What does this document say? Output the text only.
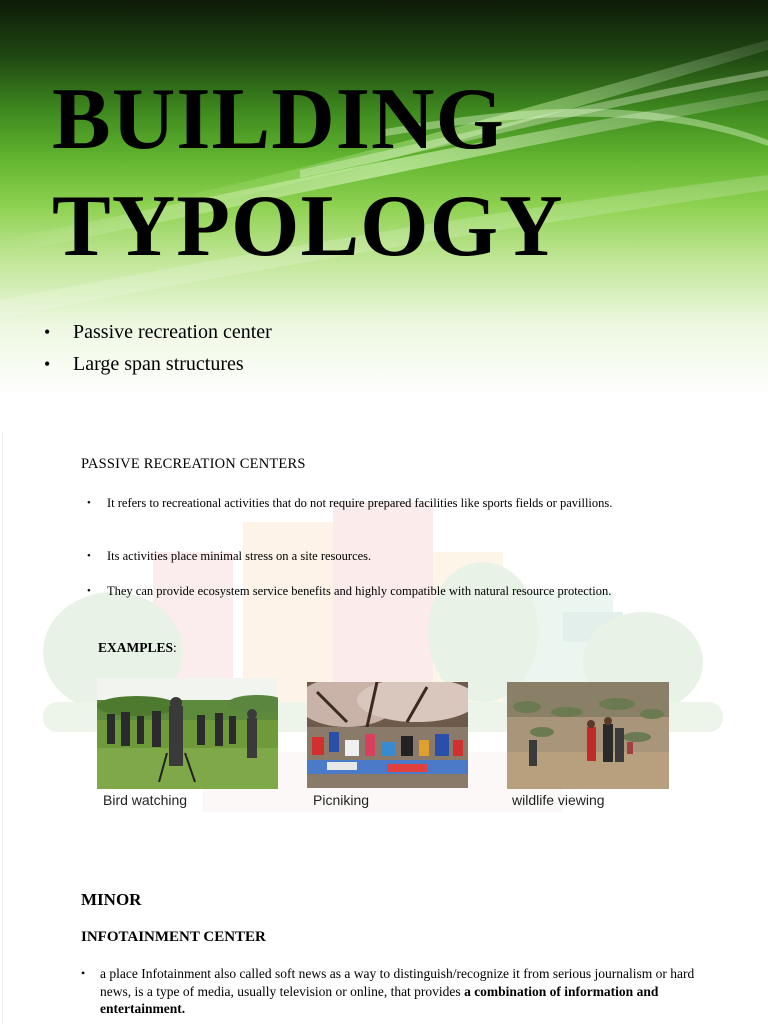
BUILDING
TYPOLOGY
•	Passive recreation center
•	Large span structures
PASSIVE RECREATION CENTERS
•	It refers to recreational activities that do not require prepared facilities like sports fields or pavillions.
•	Its activities place minimal stress on a site resources.
•	They can provide ecosystem service benefits and highly compatible with natural resource protection.
EXAMPLES:
Bird watching	Picniking	wildlife viewing
MINOR
INFOTAINMENT CENTER
•	a place Infotainment also called soft news as a way to distinguish/recognize it from serious journalism or hard news, is a type of media, usually television or online, that provides a combination of information and entertainment.
